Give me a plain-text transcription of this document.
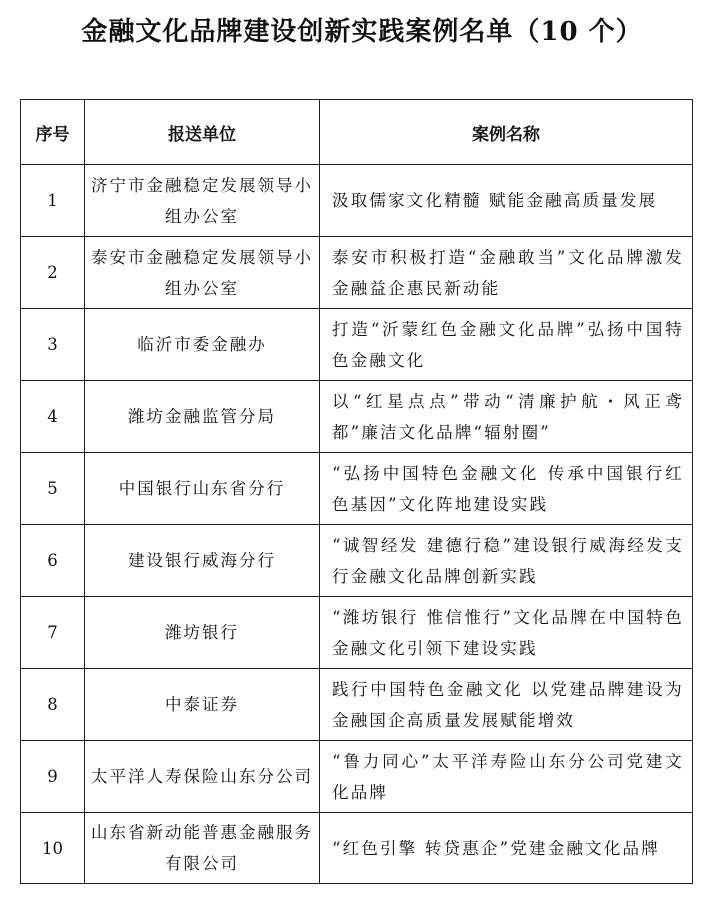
金融文化品牌建设创新实践案例名单（10 个）
序号	报送单位	案例名称
1	济宁市金融稳定发展领导小组办公室	汲取儒家文化精髓 赋能金融高质量发展
2	泰安市金融稳定发展领导小组办公室	泰安市积极打造“金融敢当”文化品牌激发金融益企惠民新动能
3	临沂市委金融办	打造“沂蒙红色金融文化品牌”弘扬中国特色金融文化
4	潍坊金融监管分局	以“红星点点”带动“清廉护航・风正鸢都”廉洁文化品牌“辐射圈”
5	中国银行山东省分行	“弘扬中国特色金融文化 传承中国银行红色基因”文化阵地建设实践
6	建设银行威海分行	“诚智经发 建德行稳”建设银行威海经发支行金融文化品牌创新实践
7	潍坊银行	“潍坊银行 惟信惟行”文化品牌在中国特色金融文化引领下建设实践
8	中泰证券	践行中国特色金融文化 以党建品牌建设为金融国企高质量发展赋能增效
9	太平洋人寿保险山东分公司	“鲁力同心”太平洋寿险山东分公司党建文化品牌
10	山东省新动能普惠金融服务有限公司	“红色引擎 转贷惠企”党建金融文化品牌
